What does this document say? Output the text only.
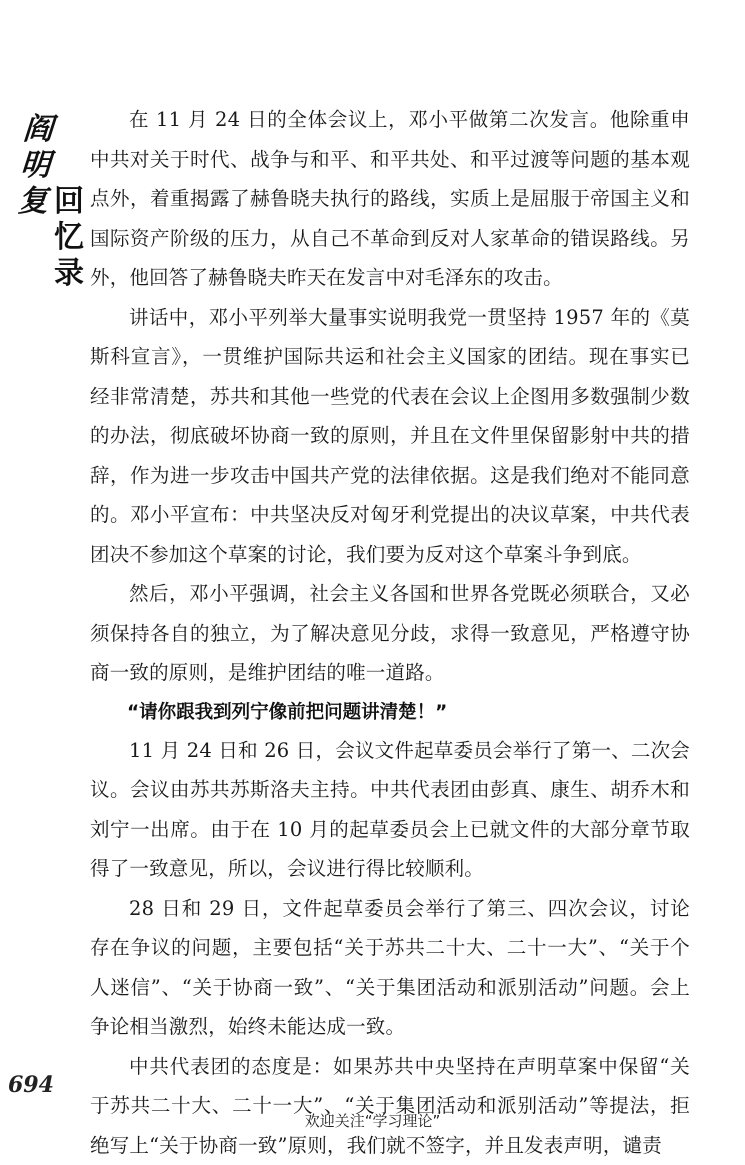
阎
明
复 回
忆
录

在 11 月 24 日的全体会议上，邓小平做第二次发言。他除重申中共对关于时代、战争与和平、和平共处、和平过渡等问题的基本观点外，着重揭露了赫鲁晓夫执行的路线，实质上是屈服于帝国主义和国际资产阶级的压力，从自己不革命到反对人家革命的错误路线。另外，他回答了赫鲁晓夫昨天在发言中对毛泽东的攻击。

讲话中，邓小平列举大量事实说明我党一贯坚持 1957 年的《莫斯科宣言》，一贯维护国际共运和社会主义国家的团结。现在事实已经非常清楚，苏共和其他一些党的代表在会议上企图用多数强制少数的办法，彻底破坏协商一致的原则，并且在文件里保留影射中共的措辞，作为进一步攻击中国共产党的法律依据。这是我们绝对不能同意的。邓小平宣布：中共坚决反对匈牙利党提出的决议草案，中共代表团决不参加这个草案的讨论，我们要为反对这个草案斗争到底。

然后，邓小平强调，社会主义各国和世界各党既必须联合，又必须保持各自的独立，为了解决意见分歧，求得一致意见，严格遵守协商一致的原则，是维护团结的唯一道路。

“请你跟我到列宁像前把问题讲清楚！”

11 月 24 日和 26 日，会议文件起草委员会举行了第一、二次会议。会议由苏共苏斯洛夫主持。中共代表团由彭真、康生、胡乔木和刘宁一出席。由于在 10 月的起草委员会上已就文件的大部分章节取得了一致意见，所以，会议进行得比较顺利。

28 日和 29 日，文件起草委员会举行了第三、四次会议，讨论存在争议的问题，主要包括“关于苏共二十大、二十一大”、“关于个人迷信”、“关于协商一致”、“关于集团活动和派别活动”问题。会上争论相当激烈，始终未能达成一致。

中共代表团的态度是：如果苏共中央坚持在声明草案中保留“关于苏共二十大、二十一大”、“关于集团活动和派别活动”等提法，拒绝写上“关于协商一致”原则，我们就不签字，并且发表声明，谴责

694
欢迎关注“学习理论”
